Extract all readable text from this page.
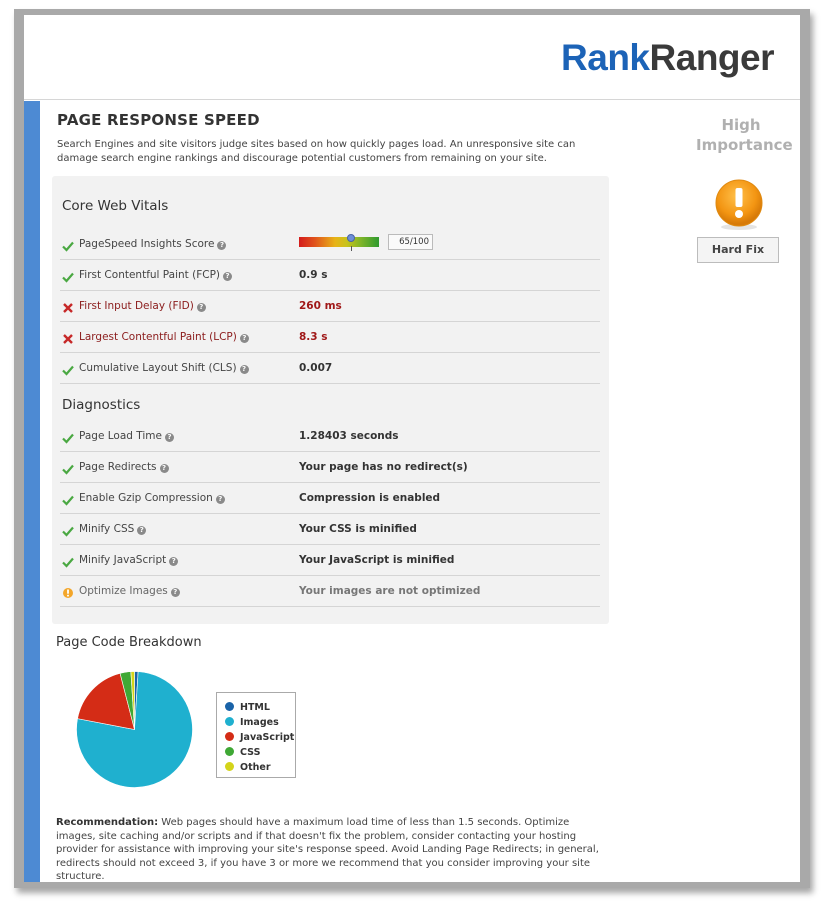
RankRanger
PAGE RESPONSE SPEED

Search Engines and site visitors judge sites based on how quickly pages load. An unresponsive site can damage search engine rankings and discourage potential customers from remaining on your site.

High
Importance
Hard Fix
Core Web Vitals
PageSpeed Insights Score ?	65/100
First Contentful Paint (FCP) ?	0.9 s
First Input Delay (FID) ?	260 ms
Largest Contentful Paint (LCP) ?	8.3 s
Cumulative Layout Shift (CLS) ?	0.007
Diagnostics
Page Load Time ?	1.28403 seconds
Page Redirects ?	Your page has no redirect(s)
Enable Gzip Compression ?	Compression is enabled
Minify CSS ?	Your CSS is minified
Minify JavaScript ?	Your JavaScript is minified
Optimize Images ?	Your images are not optimized
Page Code Breakdown
HTML
Images
JavaScript
CSS
Other

Recommendation: Web pages should have a maximum load time of less than 1.5 seconds. Optimize images, site caching and/or scripts and if that doesn't fix the problem, consider contacting your hosting provider for assistance with improving your site's response speed. Avoid Landing Page Redirects; in general, redirects should not exceed 3, if you have 3 or more we recommend that you consider improving your site structure.
